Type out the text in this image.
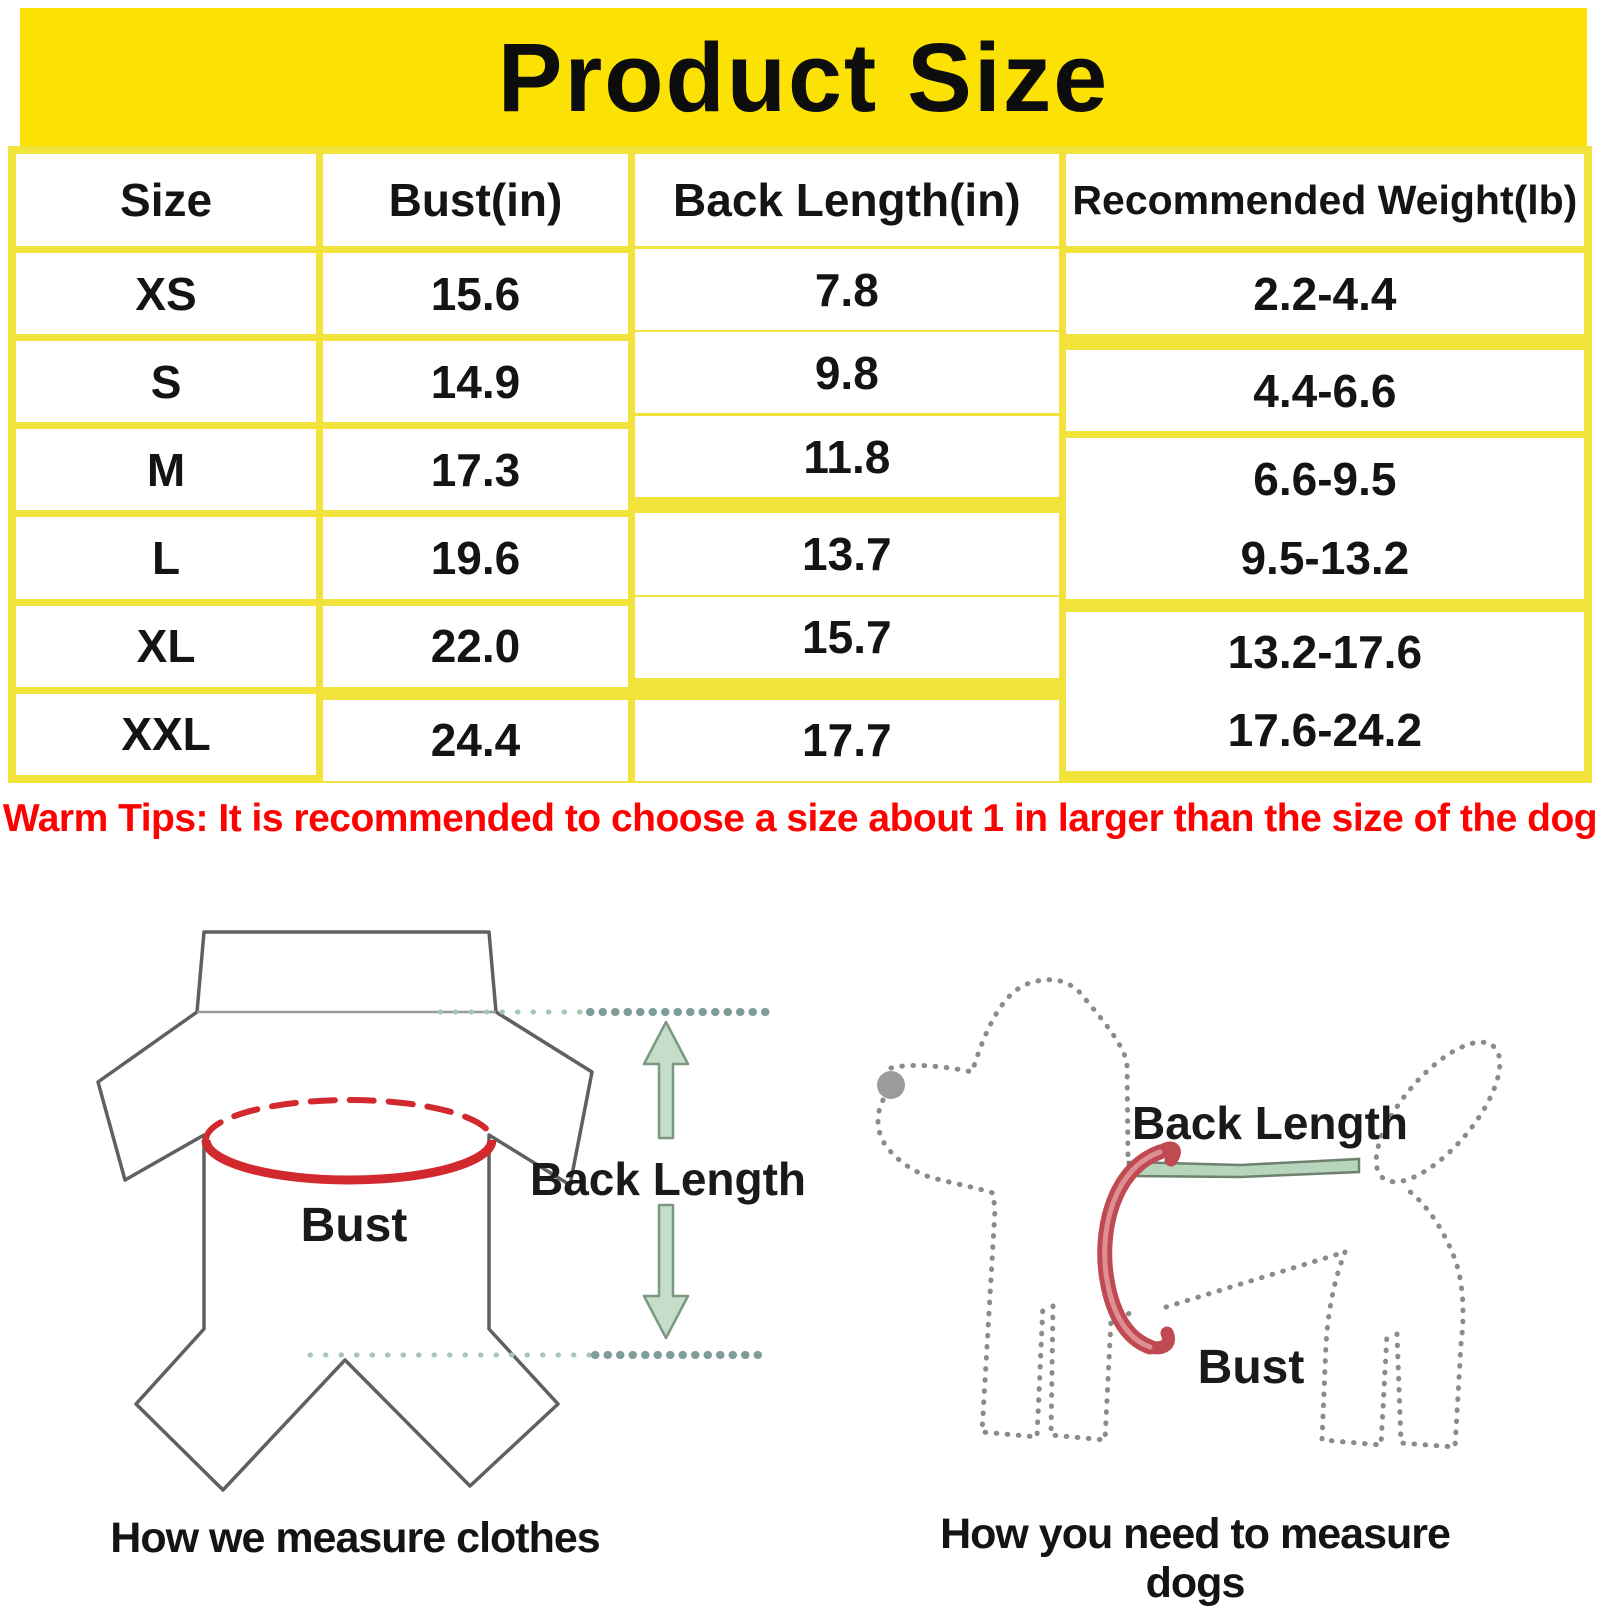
Product Size
Size	Bust(in)	Back Length(in)	Recommended Weight(lb)
XS	15.6	7.8	2.2-4.4
S	14.9	9.8	4.4-6.6
M	17.3	11.8	6.6-9.5
L	19.6	13.7	9.5-13.2
XL	22.0	15.7	13.2-17.6
XXL	24.4	17.7	17.6-24.2
Warm Tips: It is recommended to choose a size about 1 in larger than the size of the dog
Back Length
Bust
Back Length
Bust
How we measure clothes	How you need to measure dogs
